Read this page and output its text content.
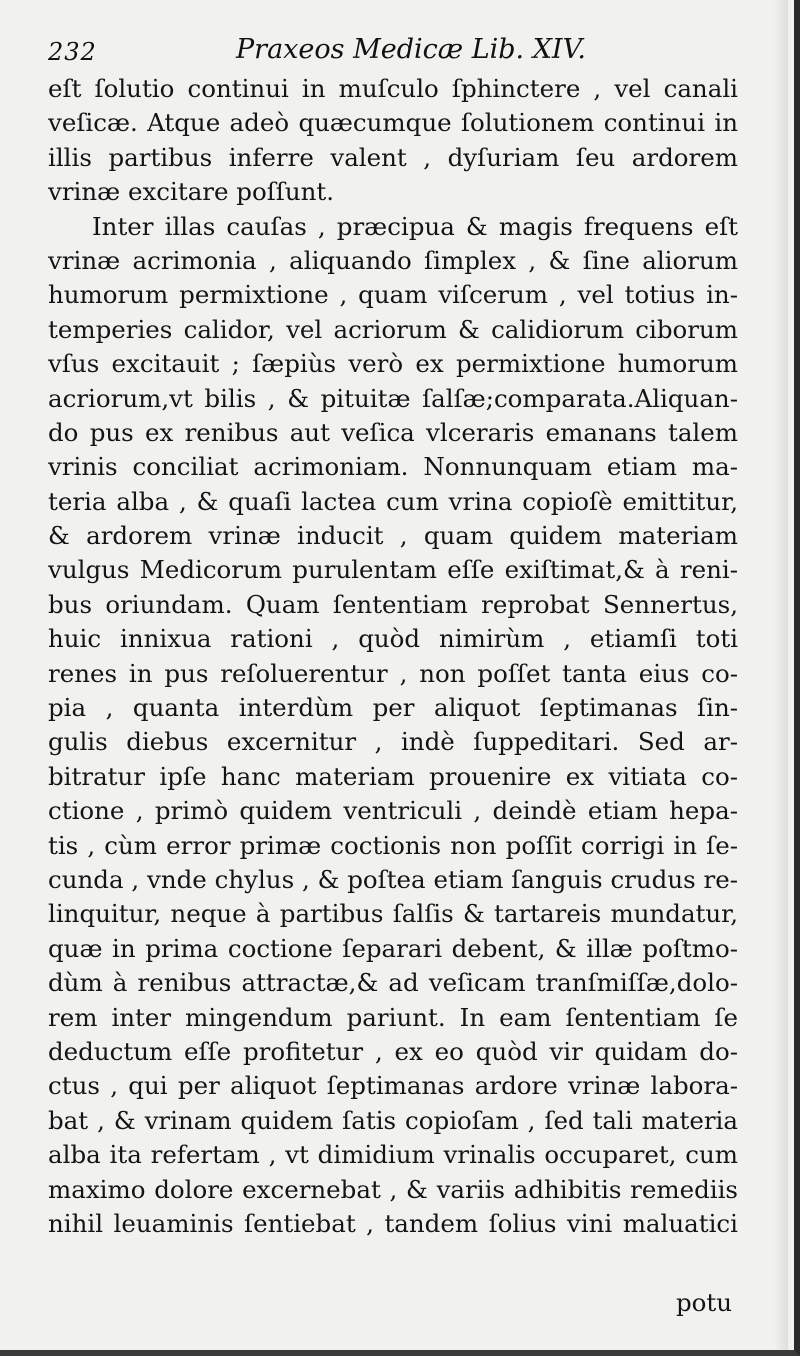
232	Praxeos Medicæ Lib. XIV.
eſt ſolutio continui in muſculo ſphinctere , vel canali
veſicæ. Atque adeò quæcumque ſolutionem continui in
illis partibus inferre valent , dyſuriam ſeu ardorem
vrinæ excitare poſſunt.
Inter illas cauſas , præcipua & magis frequens eſt
vrinæ acrimonia , aliquando ſimplex , & ſine aliorum
humorum permixtione , quam viſcerum , vel totius in-
temperies calidor, vel acriorum & calidiorum ciborum
vſus excitauit ; ſæpiùs verò ex permixtione humorum
acriorum,vt bilis , & pituitæ ſalſæ;comparata.Aliquan-
do pus ex renibus aut veſica vlceraris emanans talem
vrinis conciliat acrimoniam. Nonnunquam etiam ma-
teria alba , & quaſi lactea cum vrina copioſè emittitur,
& ardorem vrinæ inducit , quam quidem materiam
vulgus Medicorum purulentam eſſe exiſtimat,& à reni-
bus oriundam. Quam ſententiam reprobat Sennertus,
huic innixua rationi , quòd nimirùm , etiamſi toti
renes in pus reſoluerentur , non poſſet tanta eius co-
pia , quanta interdùm per aliquot ſeptimanas ſin-
gulis diebus excernitur , indè ſuppeditari. Sed ar-
bitratur ipſe hanc materiam prouenire ex vitiata co-
ctione , primò quidem ventriculi , deindè etiam hepa-
tis , cùm error primæ coctionis non poſſit corrigi in ſe-
cunda , vnde chylus , & poſtea etiam ſanguis crudus re-
linquitur, neque à partibus ſalſis & tartareis mundatur,
quæ in prima coctione ſeparari debent, & illæ poſtmo-
dùm à renibus attractæ,& ad veſicam tranſmiſſæ,dolo-
rem inter mingendum pariunt. In eam ſententiam ſe
deductum eſſe profitetur , ex eo quòd vir quidam do-
ctus , qui per aliquot ſeptimanas ardore vrinæ labora-
bat , & vrinam quidem ſatis copioſam , ſed tali materia
alba ita refertam , vt dimidium vrinalis occuparet, cum
maximo dolore excernebat , & variis adhibitis remediis
nihil leuaminis ſentiebat , tandem ſolius vini maluatici
potu
